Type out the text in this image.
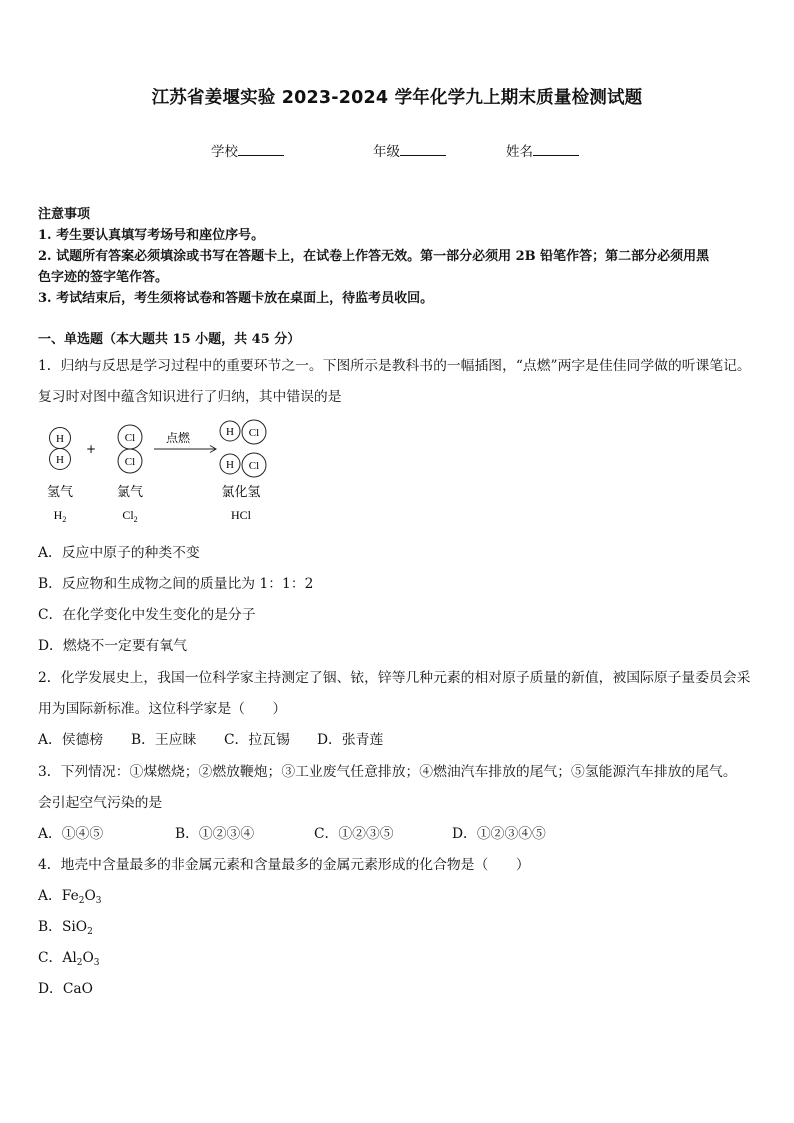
江苏省姜堰实验 2023-2024 学年化学九上期末质量检测试题
学校	年级	姓名
注意事项
1. 考生要认真填写考场号和座位序号。
2. 试题所有答案必须填涂或书写在答题卡上，在试卷上作答无效。第一部分必须用 2B 铅笔作答；第二部分必须用黑
色字迹的签字笔作答。
3. 考试结束后，考生须将试卷和答题卡放在桌面上，待监考员收回。
一、单选题（本大题共 15 小题，共 45 分）
1．归纳与反思是学习过程中的重要环节之一。下图所示是教科书的一幅插图，“点燃”两字是佳佳同学做的听课笔记。
复习时对图中蕴含知识进行了归纳，其中错误的是
H
H
Cl
Cl
H Cl
H Cl
+
点燃
氢气	氯气	氯化氢
$H_2$	$Cl_2$	HCl
A．反应中原子的种类不变
B．反应物和生成物之间的质量比为 1：1：2
C．在化学变化中发生变化的是分子
D．燃烧不一定要有氧气
2．化学发展史上，我国一位科学家主持测定了铟、铱，锌等几种元素的相对原子质量的新值，被国际原子量委员会采
用为国际新标准。这位科学家是（　　）
A．侯德榜 B．王应睐 C．拉瓦锡 D．张青莲
3．下列情况：①煤燃烧；②燃放鞭炮；③工业废气任意排放；④燃油汽车排放的尾气；⑤氢能源汽车排放的尾气。
会引起空气污染的是
A．①④⑤	B．①②③④	C．①②③⑤	D．①②③④⑤
4．地壳中含量最多的非金属元素和含量最多的金属元素形成的化合物是（　　）
A．$Fe_2O_3$
B．SiO$_2$
C．$Al_2O_3$
D．CaO
